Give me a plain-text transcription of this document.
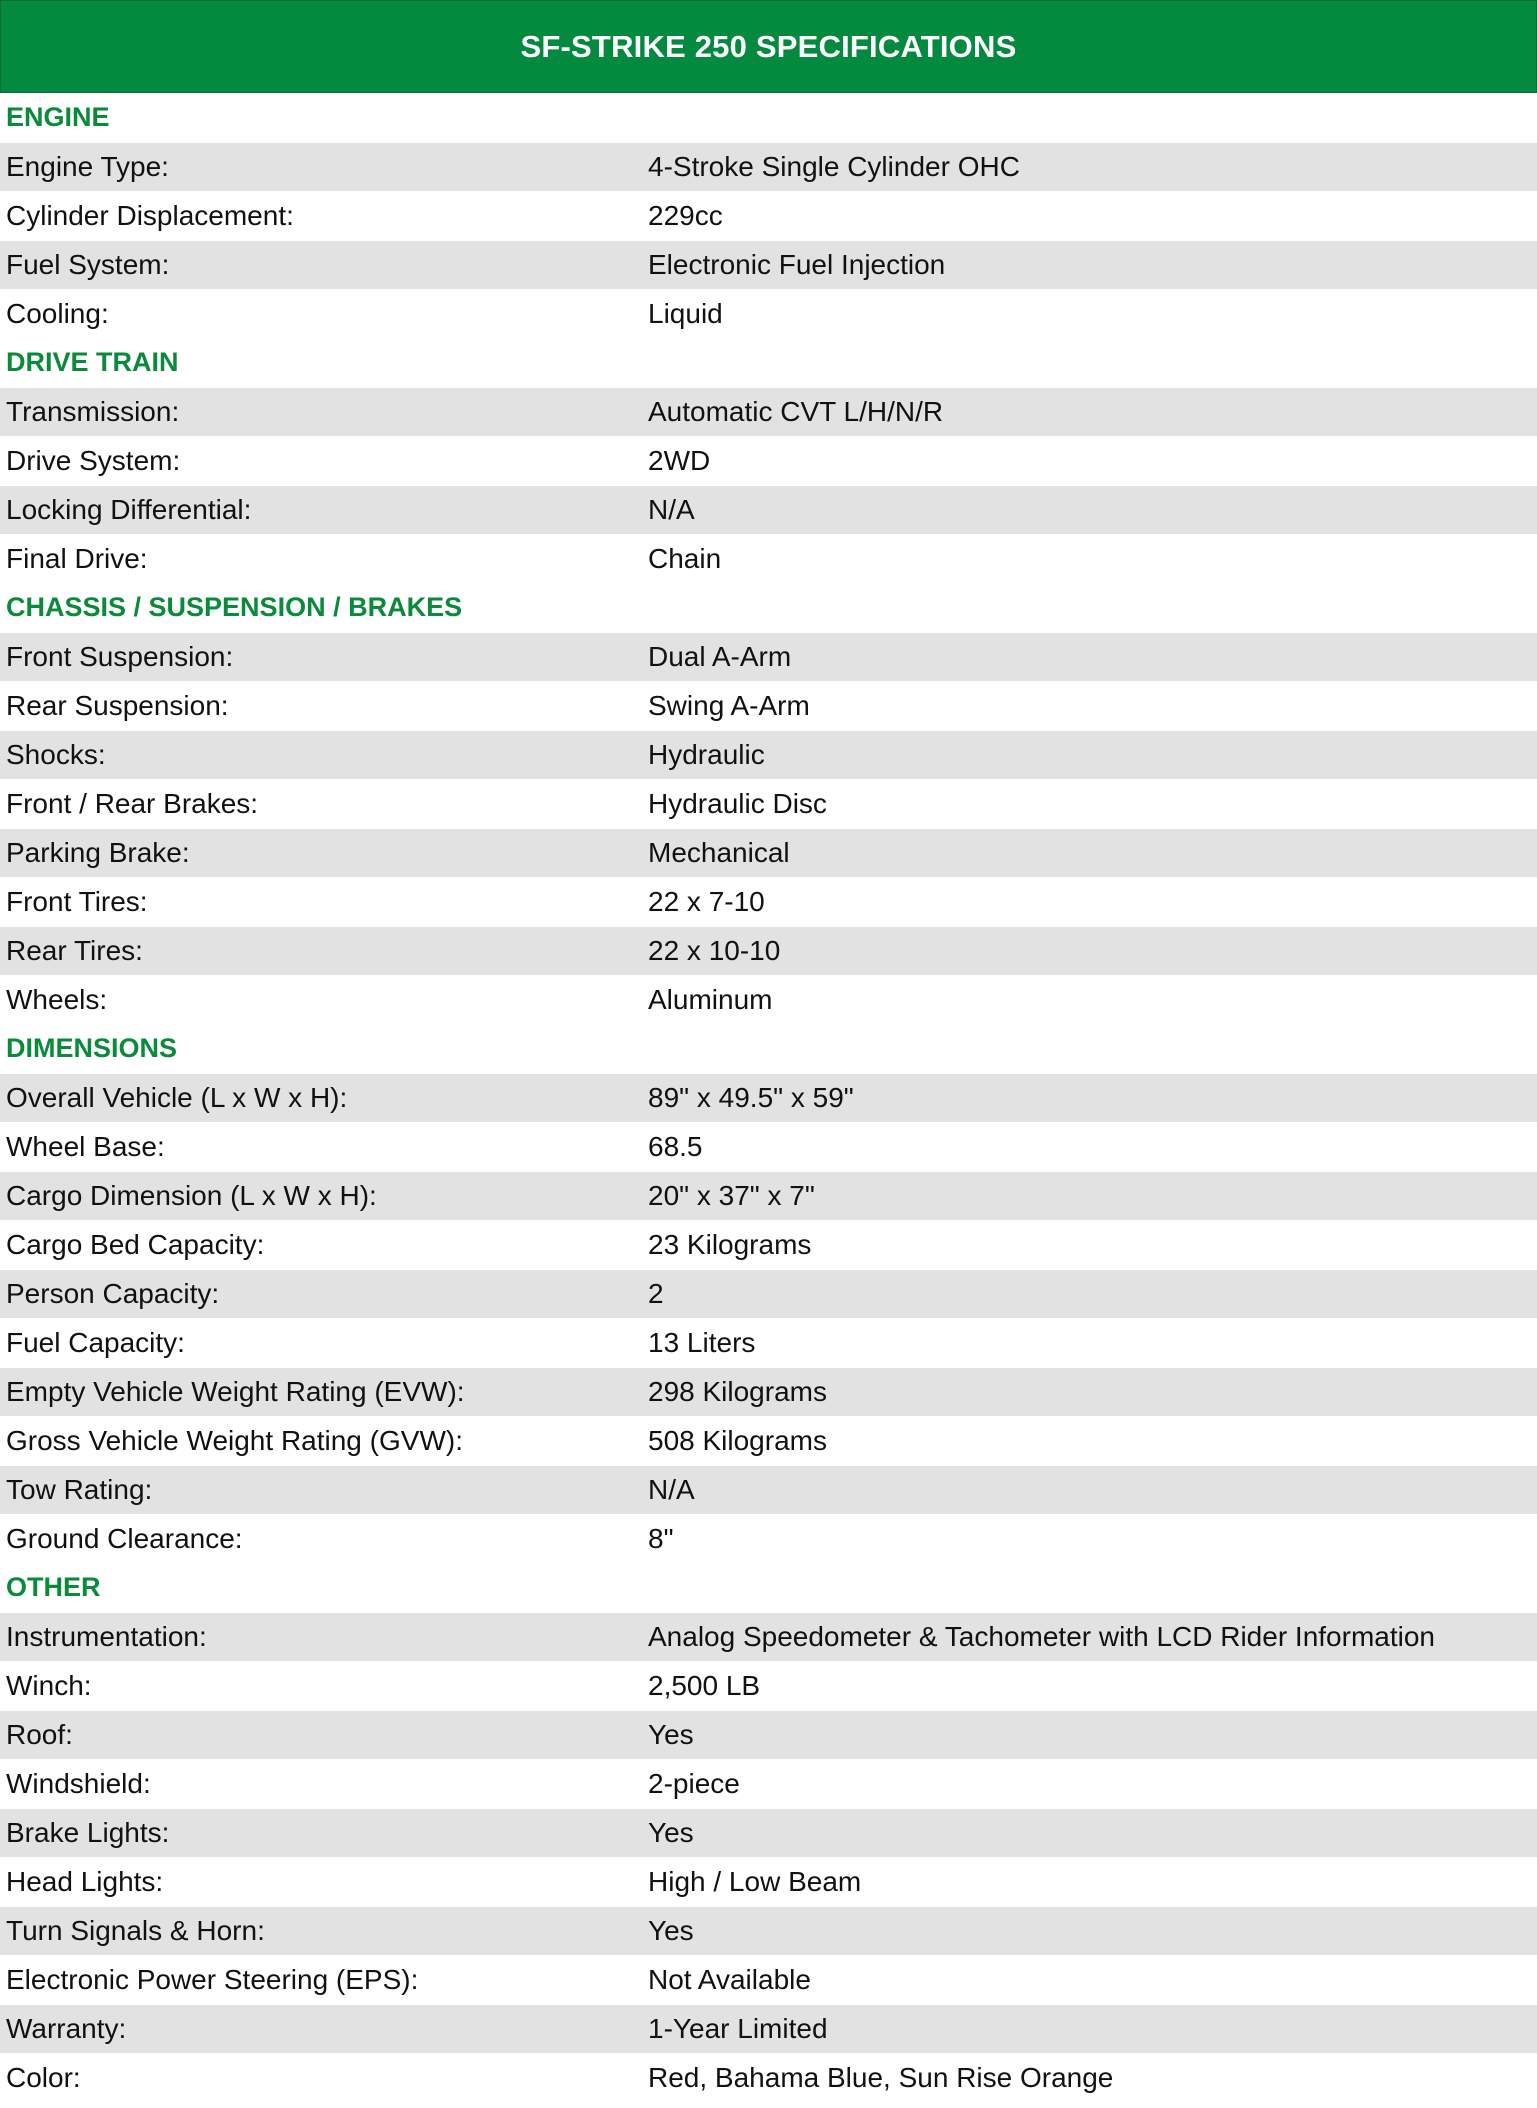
SF-STRIKE 250 SPECIFICATIONS
ENGINE
Engine Type:	4-Stroke Single Cylinder OHC
Cylinder Displacement:	229cc
Fuel System:	Electronic Fuel Injection
Cooling:	Liquid
DRIVE TRAIN
Transmission:	Automatic CVT L/H/N/R
Drive System:	2WD
Locking Differential:	N/A
Final Drive:	Chain
CHASSIS / SUSPENSION / BRAKES
Front Suspension:	Dual A-Arm
Rear Suspension:	Swing A-Arm
Shocks:	Hydraulic
Front / Rear Brakes:	Hydraulic Disc
Parking Brake:	Mechanical
Front Tires:	22 x 7-10
Rear Tires:	22 x 10-10
Wheels:	Aluminum
DIMENSIONS
Overall Vehicle (L x W x H):	89" x 49.5" x 59"
Wheel Base:	68.5
Cargo Dimension (L x W x H):	20" x 37" x 7"
Cargo Bed Capacity:	23 Kilograms
Person Capacity:	2
Fuel Capacity:	13 Liters
Empty Vehicle Weight Rating (EVW):	298 Kilograms
Gross Vehicle Weight Rating (GVW):	508 Kilograms
Tow Rating:	N/A
Ground Clearance:	8"
OTHER
Instrumentation:	Analog Speedometer & Tachometer with LCD Rider Information
Winch:	2,500 LB
Roof:	Yes
Windshield:	2-piece
Brake Lights:	Yes
Head Lights:	High / Low Beam
Turn Signals & Horn:	Yes
Electronic Power Steering (EPS):	Not Available
Warranty:	1-Year Limited
Color:	Red, Bahama Blue, Sun Rise Orange
